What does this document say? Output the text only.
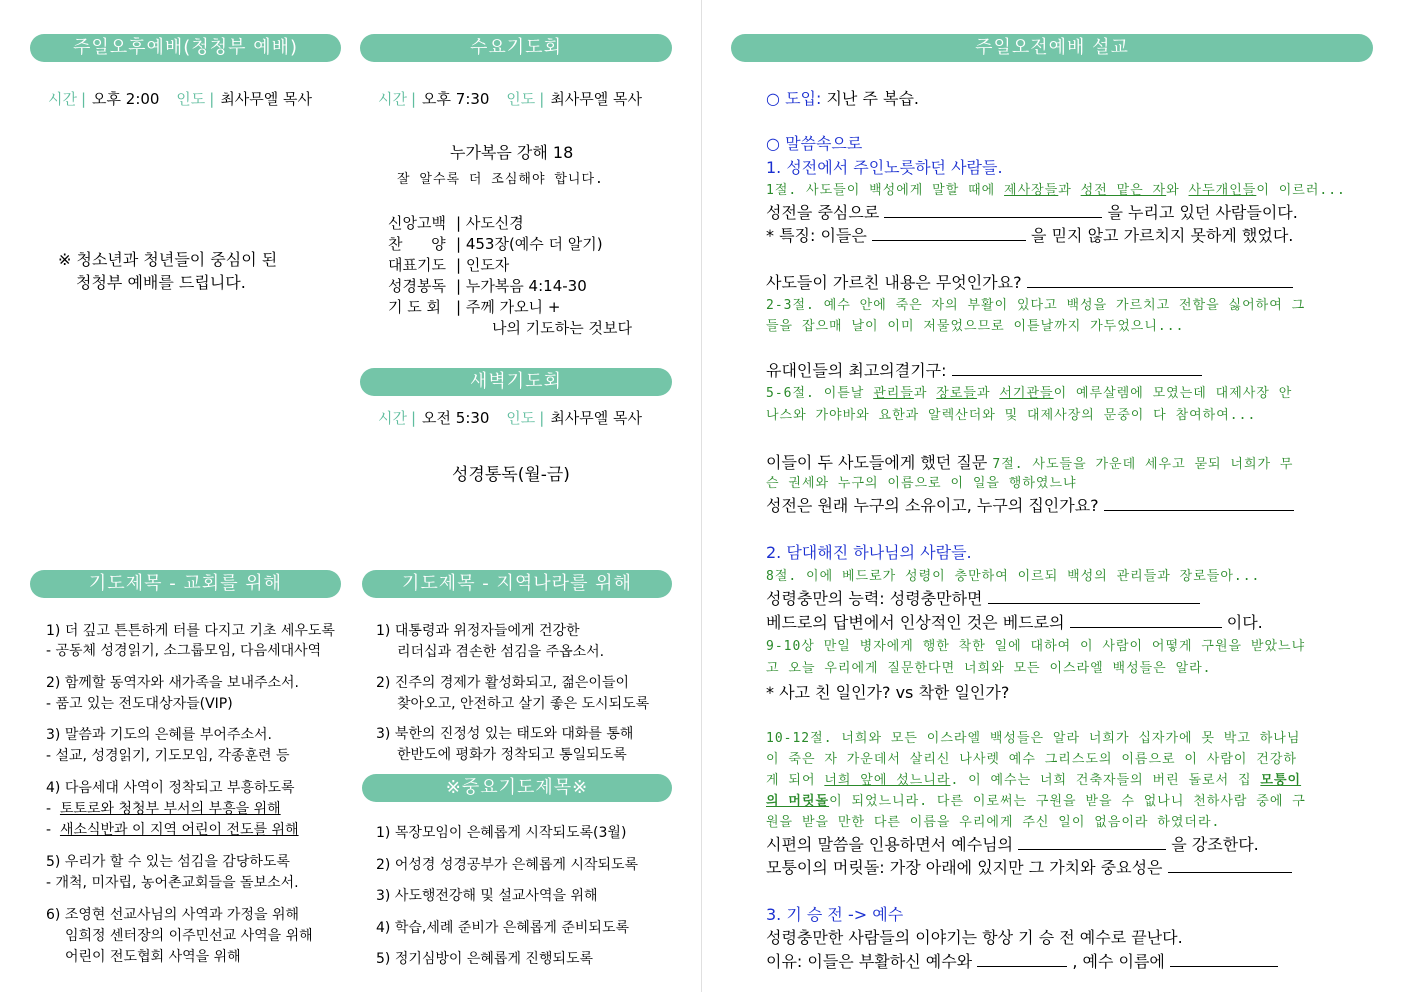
주일오후예배(청청부 예배)
시간 | 오후 2:00 인도 | 최사무엘 목사
※ 청소년과 청년들이 중심이 된
청청부 예배를 드립니다.
기도제목 - 교회를 위해
1) 더 깊고 튼튼하게 터를 다지고 기초 세우도록
- 공동체 성경읽기, 소그룹모임, 다음세대사역
2) 함께할 동역자와 새가족을 보내주소서.
- 품고 있는 전도대상자들(VIP)
3) 말씀과 기도의 은혜를 부어주소서.
- 설교, 성경읽기, 기도모임, 각종훈련 등
4) 다음세대 사역이 정착되고 부흥하도록
-  토토로와 청청부 부서의 부흥을 위해
-  새소식반과 이 지역 어린이 전도를 위해
5) 우리가 할 수 있는 섬김을 감당하도록
- 개척, 미자립, 농어촌교회들을 돌보소서.
6) 조영현 선교사님의 사역과 가정을 위해
임희정 센터장의 이주민선교 사역을 위해
어린이 전도협회 사역을 위해
수요기도회
시간 | 오후 7:30 인도 | 최사무엘 목사
누가복음 강해 18
잘 알수록 더 조심해야 합니다.
신앙고백 | 사도신경
찬      양 | 453장(예수 더 알기)
대표기도 | 인도자
성경봉독 | 누가복음 4:14-30
기 도 회 | 주께 가오니 +
나의 기도하는 것보다
새벽기도회
시간 | 오전 5:30 인도 | 최사무엘 목사
성경통독(월-금)
기도제목 - 지역나라를 위해
1) 대통령과 위정자들에게 건강한
리더십과 겸손한 섬김을 주옵소서.
2) 진주의 경제가 활성화되고, 젊은이들이
찾아오고, 안전하고 살기 좋은 도시되도록
3) 북한의 진정성 있는 태도와 대화를 통해
한반도에 평화가 정착되고 통일되도록
※중요기도제목※
1) 목장모임이 은혜롭게 시작되도록(3월)
2) 어성경 성경공부가 은혜롭게 시작되도록
3) 사도행전강해 및 설교사역을 위해
4) 학습,세례 준비가 은혜롭게 준비되도록
5) 정기심방이 은혜롭게 진행되도록
주일오전예배 설교
○ 도입: 지난 주 복습.
○ 말씀속으로
1. 성전에서 주인노릇하던 사람들.
1절. 사도들이 백성에게 말할 때에 제사장들과 성전 맡은 자와 사두개인들이 이르러...
성전을 중심으로	을 누리고 있던 사람들이다.
* 특징: 이들은	을 믿지 않고 가르치지 못하게 했었다.
사도들이 가르친 내용은 무엇인가요?
2-3절. 예수 안에 죽은 자의 부활이 있다고 백성을 가르치고 전함을 싫어하여 그
들을 잡으매 날이 이미 저물었으므로 이튿날까지 가두었으니...
유대인들의 최고의결기구:
5-6절. 이튿날 관리들과 장로들과 서기관들이 예루살렘에 모였는데 대제사장 안
나스와 가야바와 요한과 알렉산더와 및 대제사장의 문중이 다 참여하여...
이들이 두 사도들에게 했던 질문 7절. 사도들을 가운데 세우고 묻되 너희가 무
슨 권세와 누구의 이름으로 이 일을 행하였느냐
성전은 원래 누구의 소유이고, 누구의 집인가요?
2. 담대해진 하나님의 사람들.
8절. 이에 베드로가 성령이 충만하여 이르되 백성의 관리들과 장로들아...
성령충만의 능력: 성령충만하면
베드로의 답변에서 인상적인 것은 베드로의	이다.
9-10상 만일 병자에게 행한 착한 일에 대하여 이 사람이 어떻게 구원을 받았느냐
고 오늘 우리에게 질문한다면 너희와 모든 이스라엘 백성들은 알라.
* 사고 친 일인가? vs 착한 일인가?
10-12절. 너희와 모든 이스라엘 백성들은 알라 너희가 십자가에 못 박고 하나님
이 죽은 자 가운데서 살리신 나사렛 예수 그리스도의 이름으로 이 사람이 건강하
게 되어 너희 앞에 섰느니라. 이 예수는 너희 건축자들의 버린 돌로서 집 모퉁이
의 머릿돌이 되었느니라. 다른 이로써는 구원을 받을 수 없나니 천하사람 중에 구
원을 받을 만한 다른 이름을 우리에게 주신 일이 없음이라 하였더라.
시편의 말씀을 인용하면서 예수님의	을 강조한다.
모퉁이의 머릿돌: 가장 아래에 있지만 그 가치와 중요성은
3. 기 승 전 -> 예수
성령충만한 사람들의 이야기는 항상 기 승 전 예수로 끝난다.
이유: 이들은 부활하신 예수와	, 예수 이름에
